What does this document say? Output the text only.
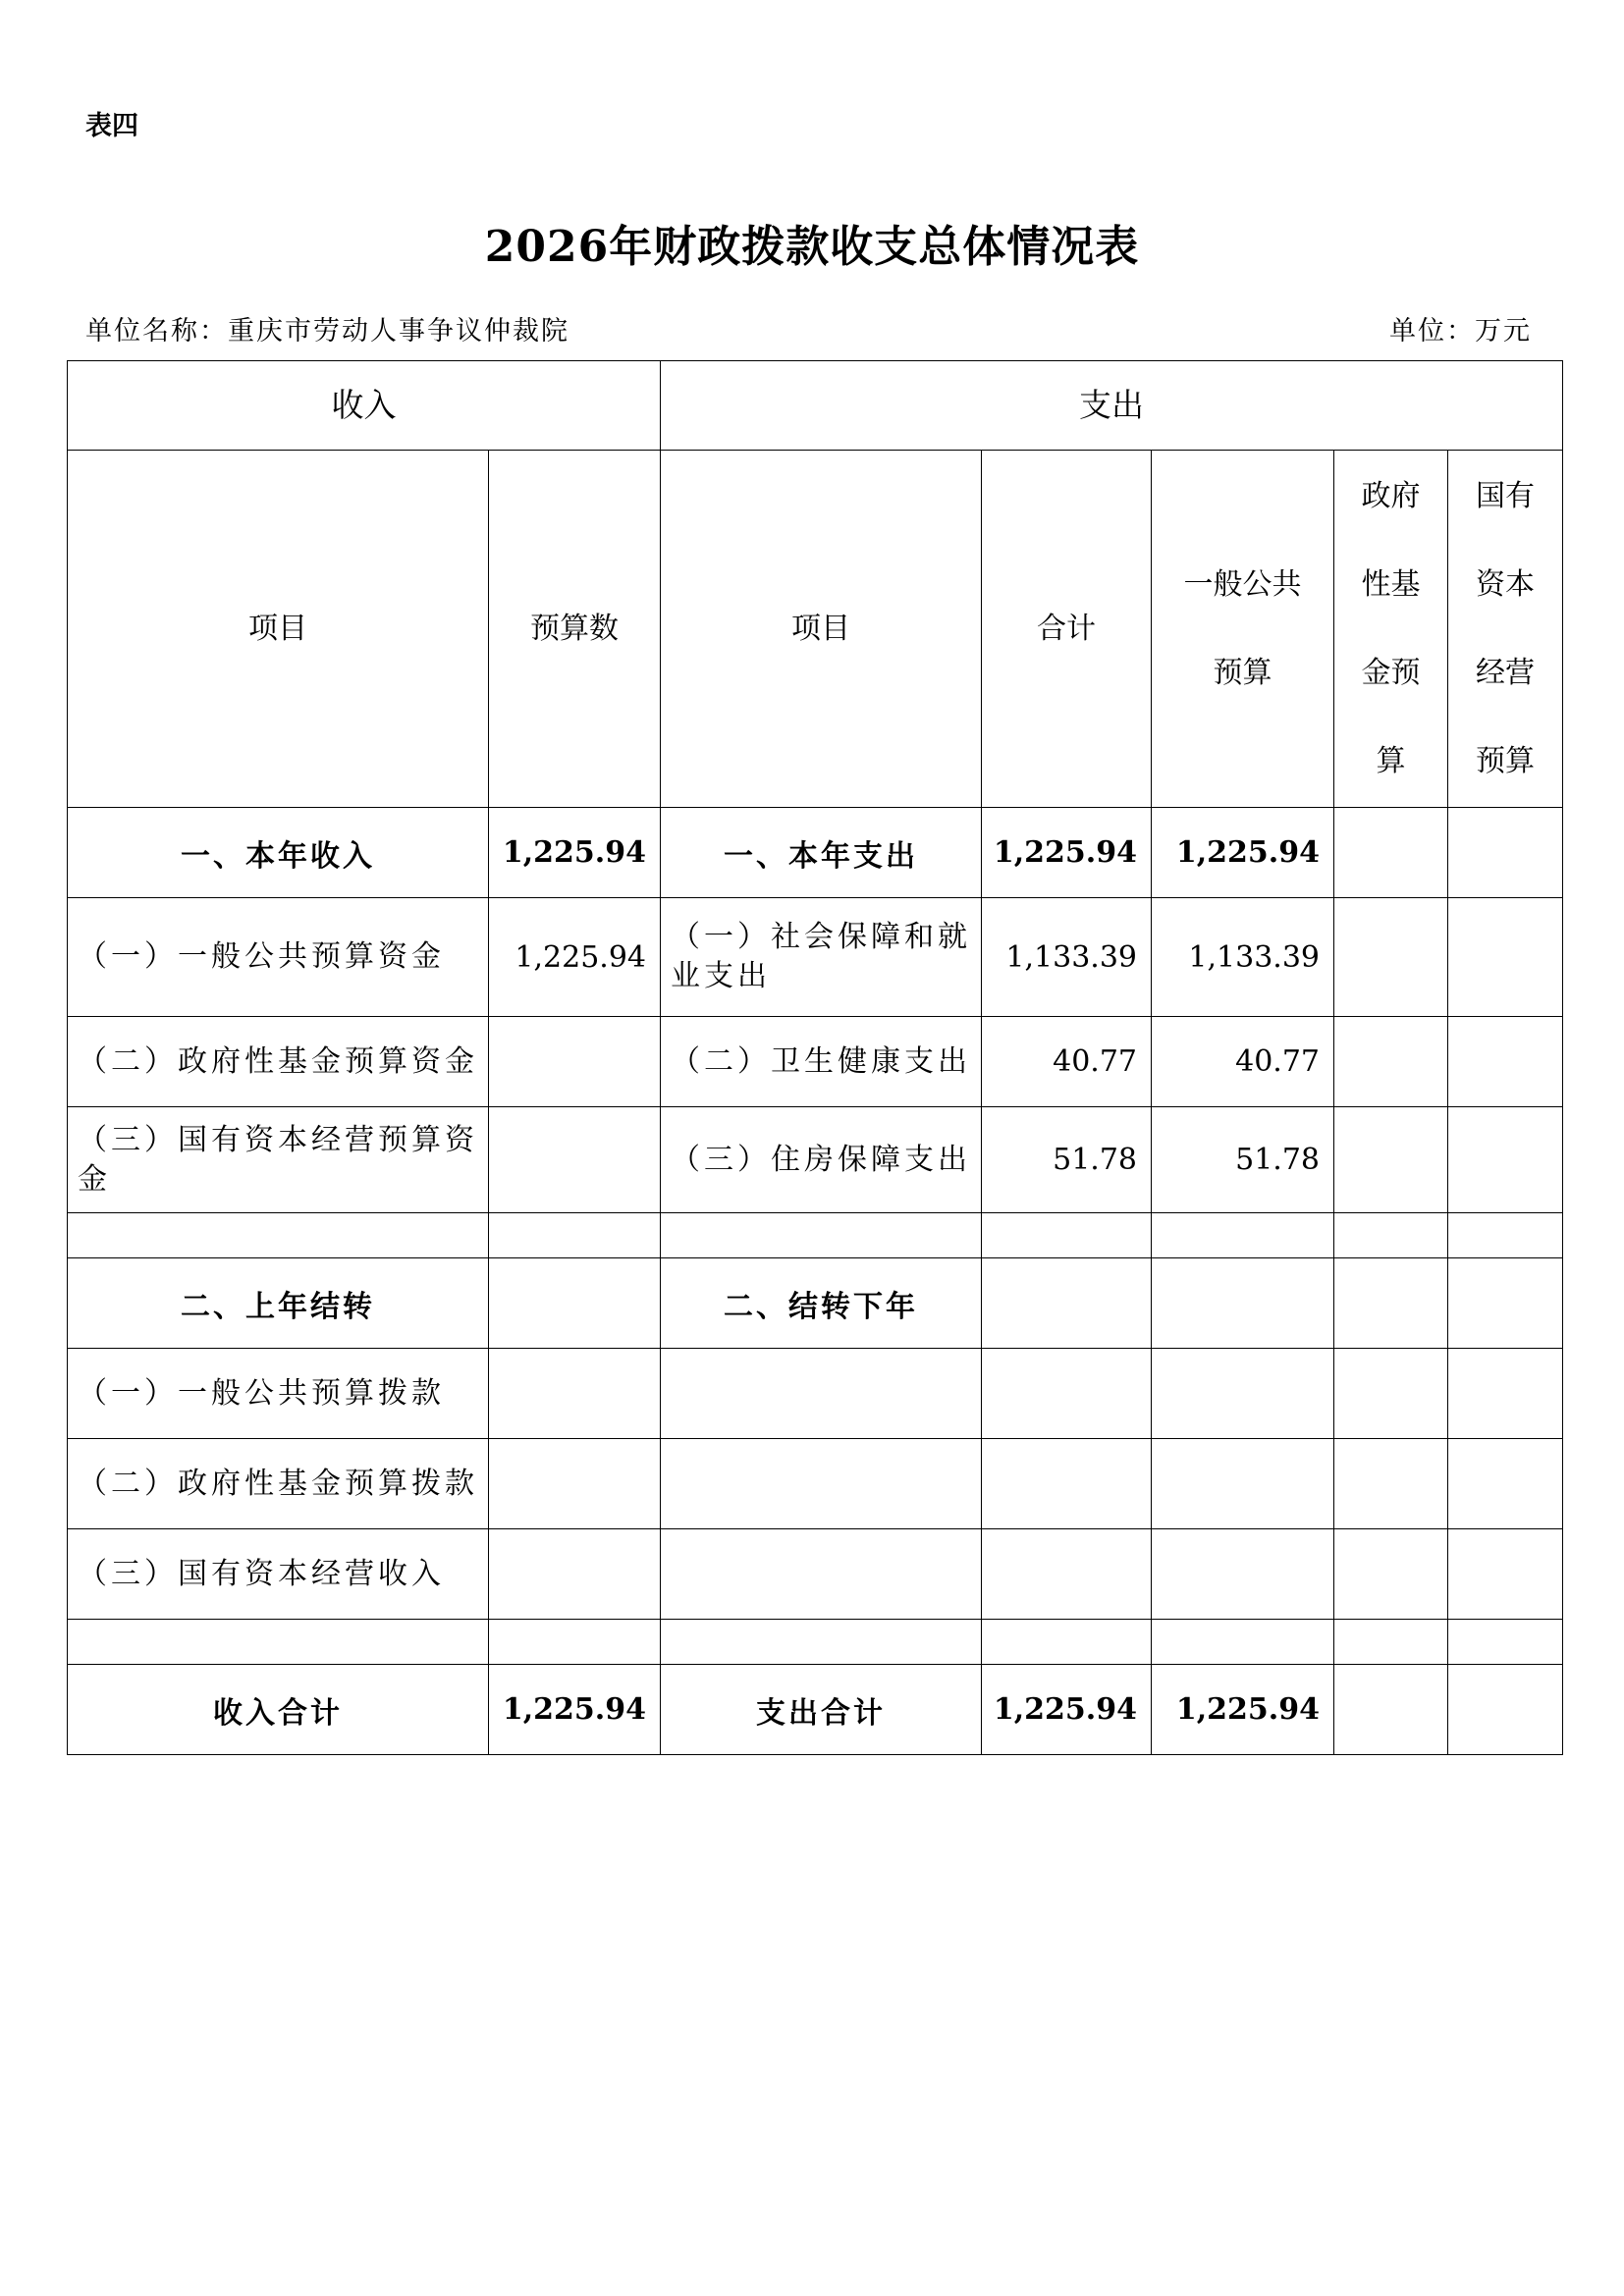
表四
2026年财政拨款收支总体情况表
单位名称：重庆市劳动人事争议仲裁院	单位：万元
收入		支出				
项目	预算数	项目	合计	一般公共预算	政府性基金预算	国有资本经营预算
一、本年收入	1,225.94	一、本年支出	1,225.94	1,225.94		
（一）一般公共预算资金	1,225.94	（一）社会保障和就业支出	1,133.39	1,133.39		
（二）政府性基金预算资金		（二）卫生健康支出	40.77	40.77		
（三）国有资本经营预算资金		（三）住房保障支出	51.78	51.78		

二、上年结转		二、结转下年				
（一）一般公共预算拨款						
（二）政府性基金预算拨款						
（三）国有资本经营收入						

收入合计	1,225.94	支出合计	1,225.94	1,225.94		
